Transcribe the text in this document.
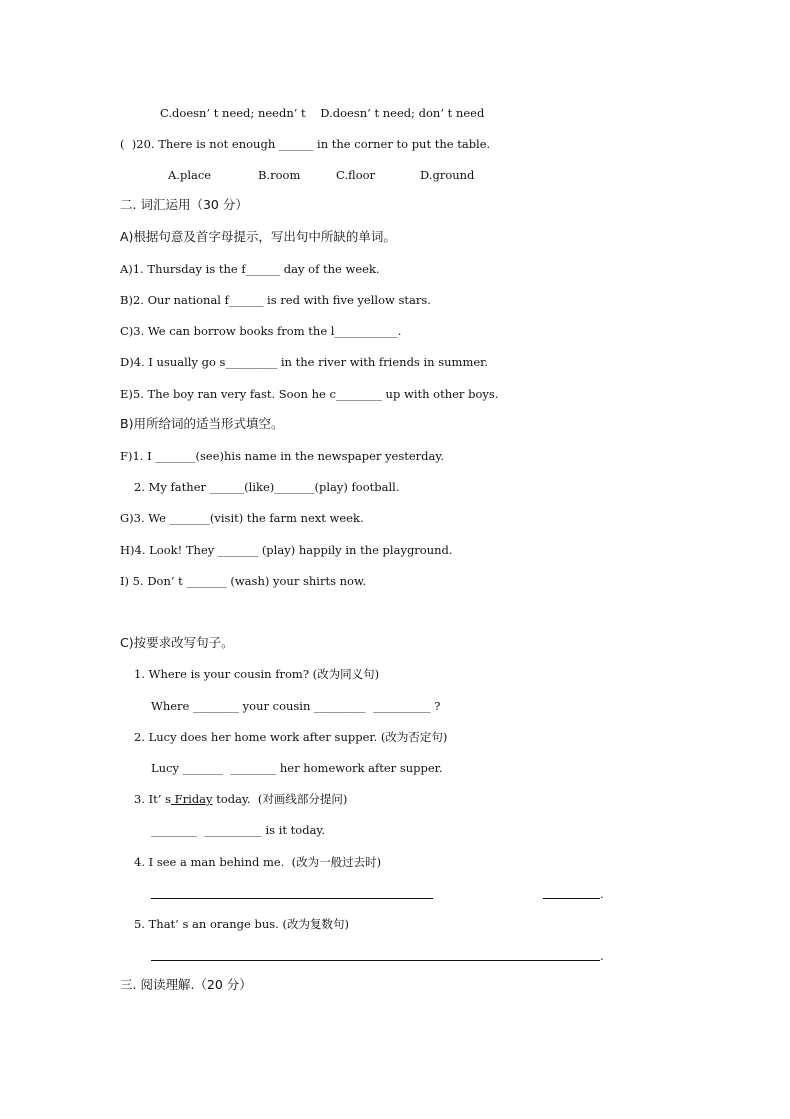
C.doesn’ t need; needn’ t    D.doesn’ t need; don’ t need
(  )20. There is not enough ______ in the corner to put the table.
A.place	B.room	C.floor	D.ground
二. 词汇运用（30 分）
A)根据句意及首字母提示，写出句中所缺的单词。
A)1. Thursday is the f______ day of the week.
B)2. Our national f______ is red with five yellow stars.
C)3. We can borrow books from the l___________.
D)4. I usually go s_________ in the river with friends in summer.
E)5. The boy ran very fast. Soon he c________ up with other boys.
B)用所给词的适当形式填空。
F)1. I _______(see)his name in the newspaper yesterday.
2. My father ______(like)_______(play) football.
G)3. We _______(visit) the farm next week.
H)4. Look! They _______ (play) happily in the playground.
I) 5. Don’ t _______ (wash) your shirts now.
C)按要求改写句子。
1. Where is your cousin from? (改为同义句)
Where ________ your cousin _________  __________ ?
2. Lucy does her home work after supper. (改为否定句)
Lucy _______  ________ her homework after supper.
3. It’ s Friday today.  (对画线部分提问)
________  __________ is it today.
4. I see a man behind me.  (改为一般过去时)
.
5. That’ s an orange bus. (改为复数句)
.
三. 阅读理解.（20 分）
